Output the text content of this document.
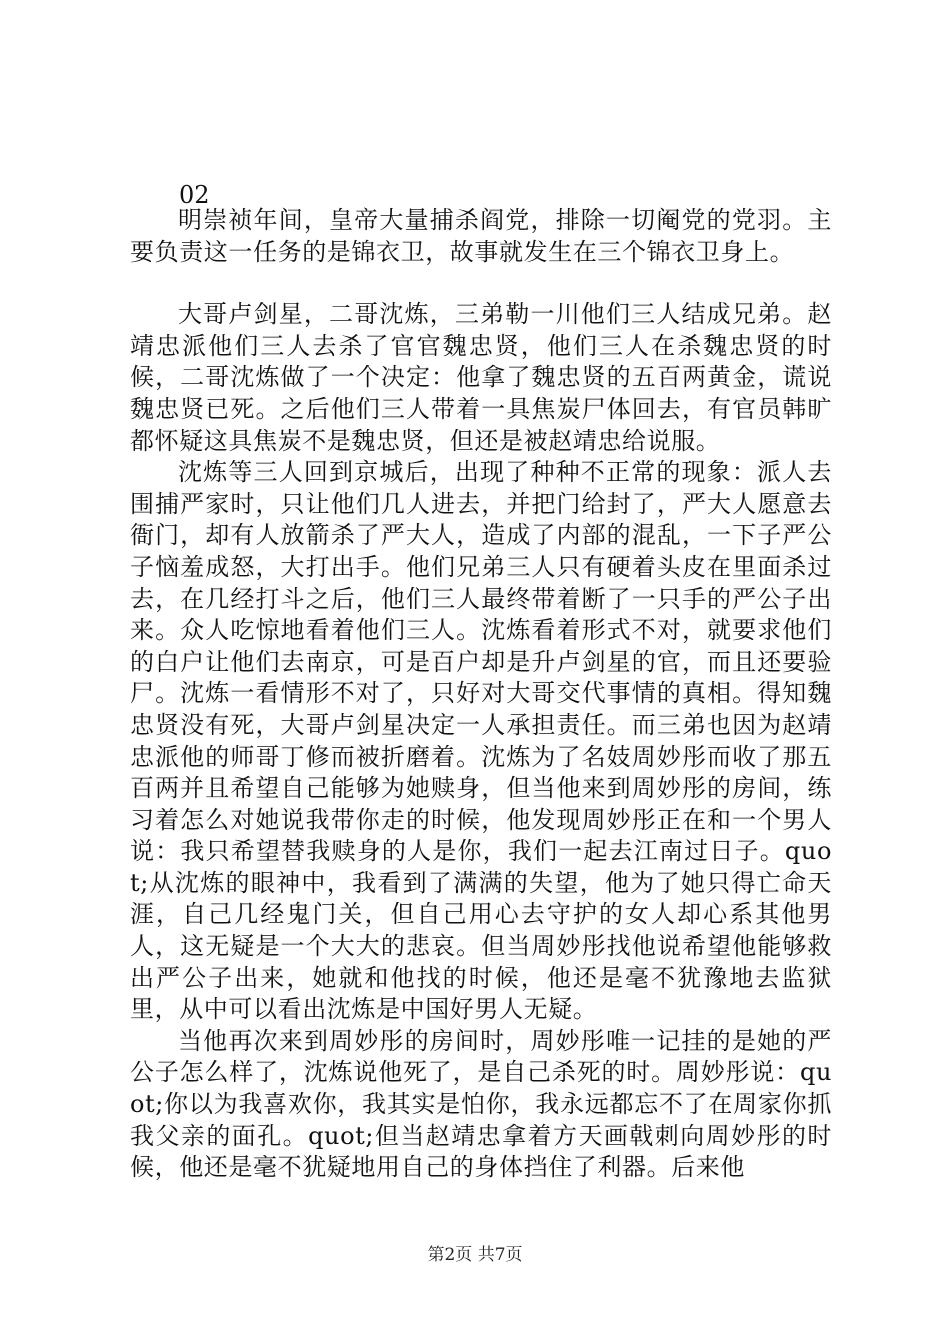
02

明崇祯年间，皇帝大量捕杀阎党，排除一切阉党的党羽。主要负责这一任务的是锦衣卫，故事就发生在三个锦衣卫身上。

大哥卢剑星，二哥沈炼，三弟勒一川他们三人结成兄弟。赵靖忠派他们三人去杀了官官魏忠贤，他们三人在杀魏忠贤的时候，二哥沈炼做了一个决定：他拿了魏忠贤的五百两黄金，谎说魏忠贤已死。之后他们三人带着一具焦炭尸体回去，有官员韩旷都怀疑这具焦炭不是魏忠贤，但还是被赵靖忠给说服。

沈炼等三人回到京城后，出现了种种不正常的现象：派人去围捕严家时，只让他们几人进去，并把门给封了，严大人愿意去衙门，却有人放箭杀了严大人，造成了内部的混乱，一下子严公子恼羞成怒，大打出手。他们兄弟三人只有硬着头皮在里面杀过去，在几经打斗之后，他们三人最终带着断了一只手的严公子出来。众人吃惊地看着他们三人。沈炼看着形式不对，就要求他们的白户让他们去南京，可是百户却是升卢剑星的官，而且还要验尸。沈炼一看情形不对了，只好对大哥交代事情的真相。得知魏忠贤没有死，大哥卢剑星决定一人承担责任。而三弟也因为赵靖忠派他的师哥丁修而被折磨着。沈炼为了名妓周妙彤而收了那五百两并且希望自己能够为她赎身，但当他来到周妙彤的房间，练习着怎么对她说我带你走的时候，他发现周妙彤正在和一个男人说：我只希望替我赎身的人是你，我们一起去江南过日子。quot;从沈炼的眼神中，我看到了满满的失望，他为了她只得亡命天涯，自己几经鬼门关，但自己用心去守护的女人却心系其他男人，这无疑是一个大大的悲哀。但当周妙彤找他说希望他能够救出严公子出来，她就和他找的时候，他还是毫不犹豫地去监狱里，从中可以看出沈炼是中国好男人无疑。

当他再次来到周妙彤的房间时，周妙彤唯一记挂的是她的严公子怎么样了，沈炼说他死了，是自己杀死的时。周妙彤说：quot;你以为我喜欢你，我其实是怕你，我永远都忘不了在周家你抓我父亲的面孔。quot;但当赵靖忠拿着方天画戟刺向周妙彤的时候，他还是毫不犹疑地用自己的身体挡住了利器。后来他

第2页 共7页
